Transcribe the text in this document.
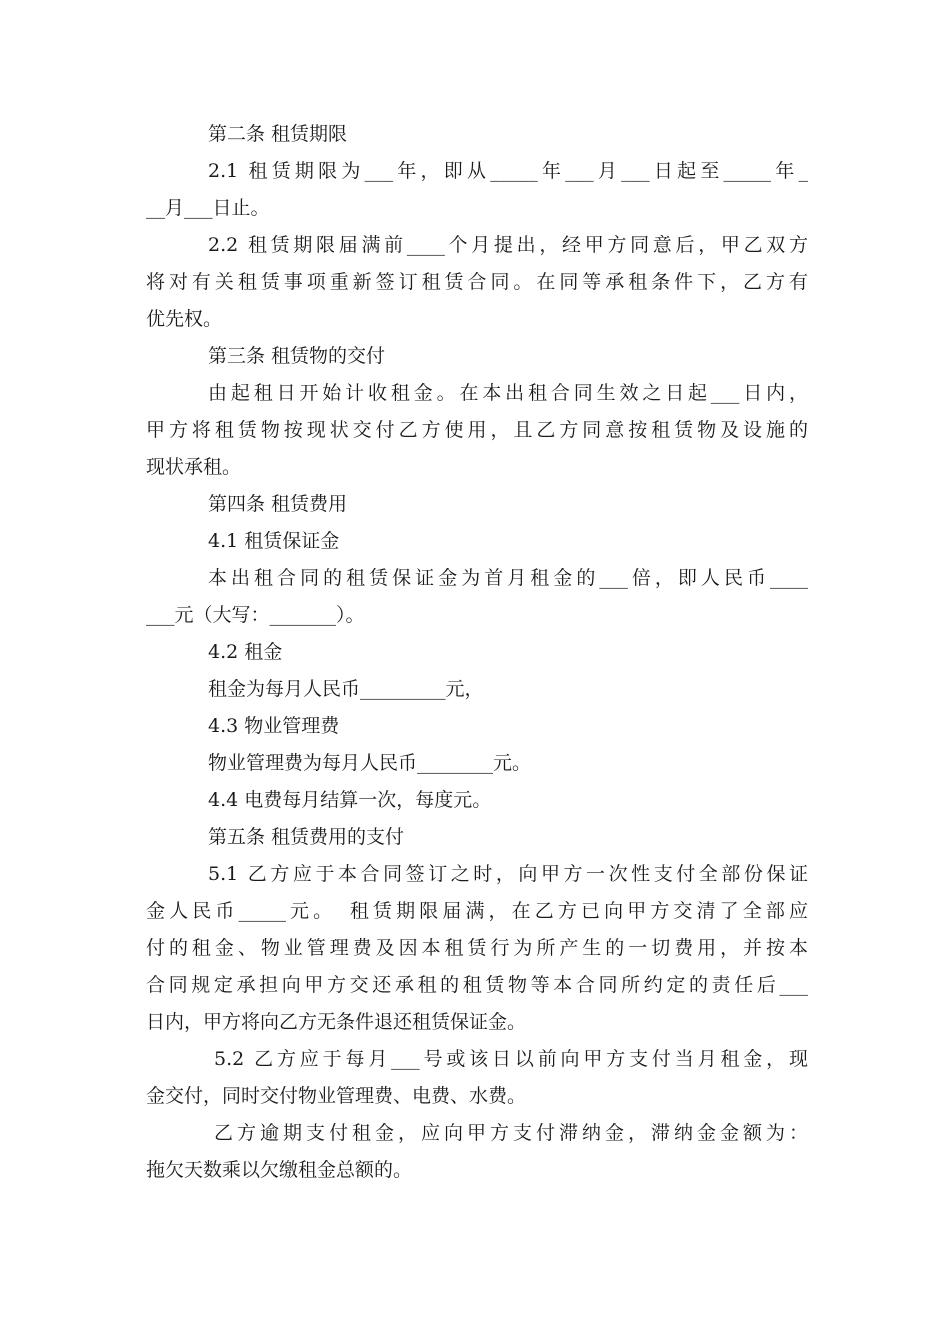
第二条 租赁期限
2.1 租赁期限为___年，即从_____年___月___日起至_____年_
__月___日止。
2.2 租赁期限届满前____个月提出，经甲方同意后，甲乙双方
将对有关租赁事项重新签订租赁合同。在同等承租条件下，乙方有
优先权。
第三条 租赁物的交付
由起租日开始计收租金。在本出租合同生效之日起___日内，
甲方将租赁物按现状交付乙方使用，且乙方同意按租赁物及设施的
现状承租。
第四条 租赁费用
4.1 租赁保证金
本出租合同的租赁保证金为首月租金的___倍，即人民币____
___元（大写：_______）。
4.2 租金
租金为每月人民币_________元，
4.3 物业管理费
物业管理费为每月人民币________元。
4.4 电费每月结算一次，每度元。
第五条 租赁费用的支付
5.1 乙方应于本合同签订之时，向甲方一次性支付全部份保证
金人民币_____元。　租赁期限届满，在乙方已向甲方交清了全部应
付的租金、物业管理费及因本租赁行为所产生的一切费用，并按本
合同规定承担向甲方交还承租的租赁物等本合同所约定的责任后___
日内，甲方将向乙方无条件退还租赁保证金。
5.2 乙方应于每月___号或该日以前向甲方支付当月租金，现
金交付，同时交付物业管理费、电费、水费。
乙方逾期支付租金，应向甲方支付滞纳金，滞纳金金额为：
拖欠天数乘以欠缴租金总额的。
